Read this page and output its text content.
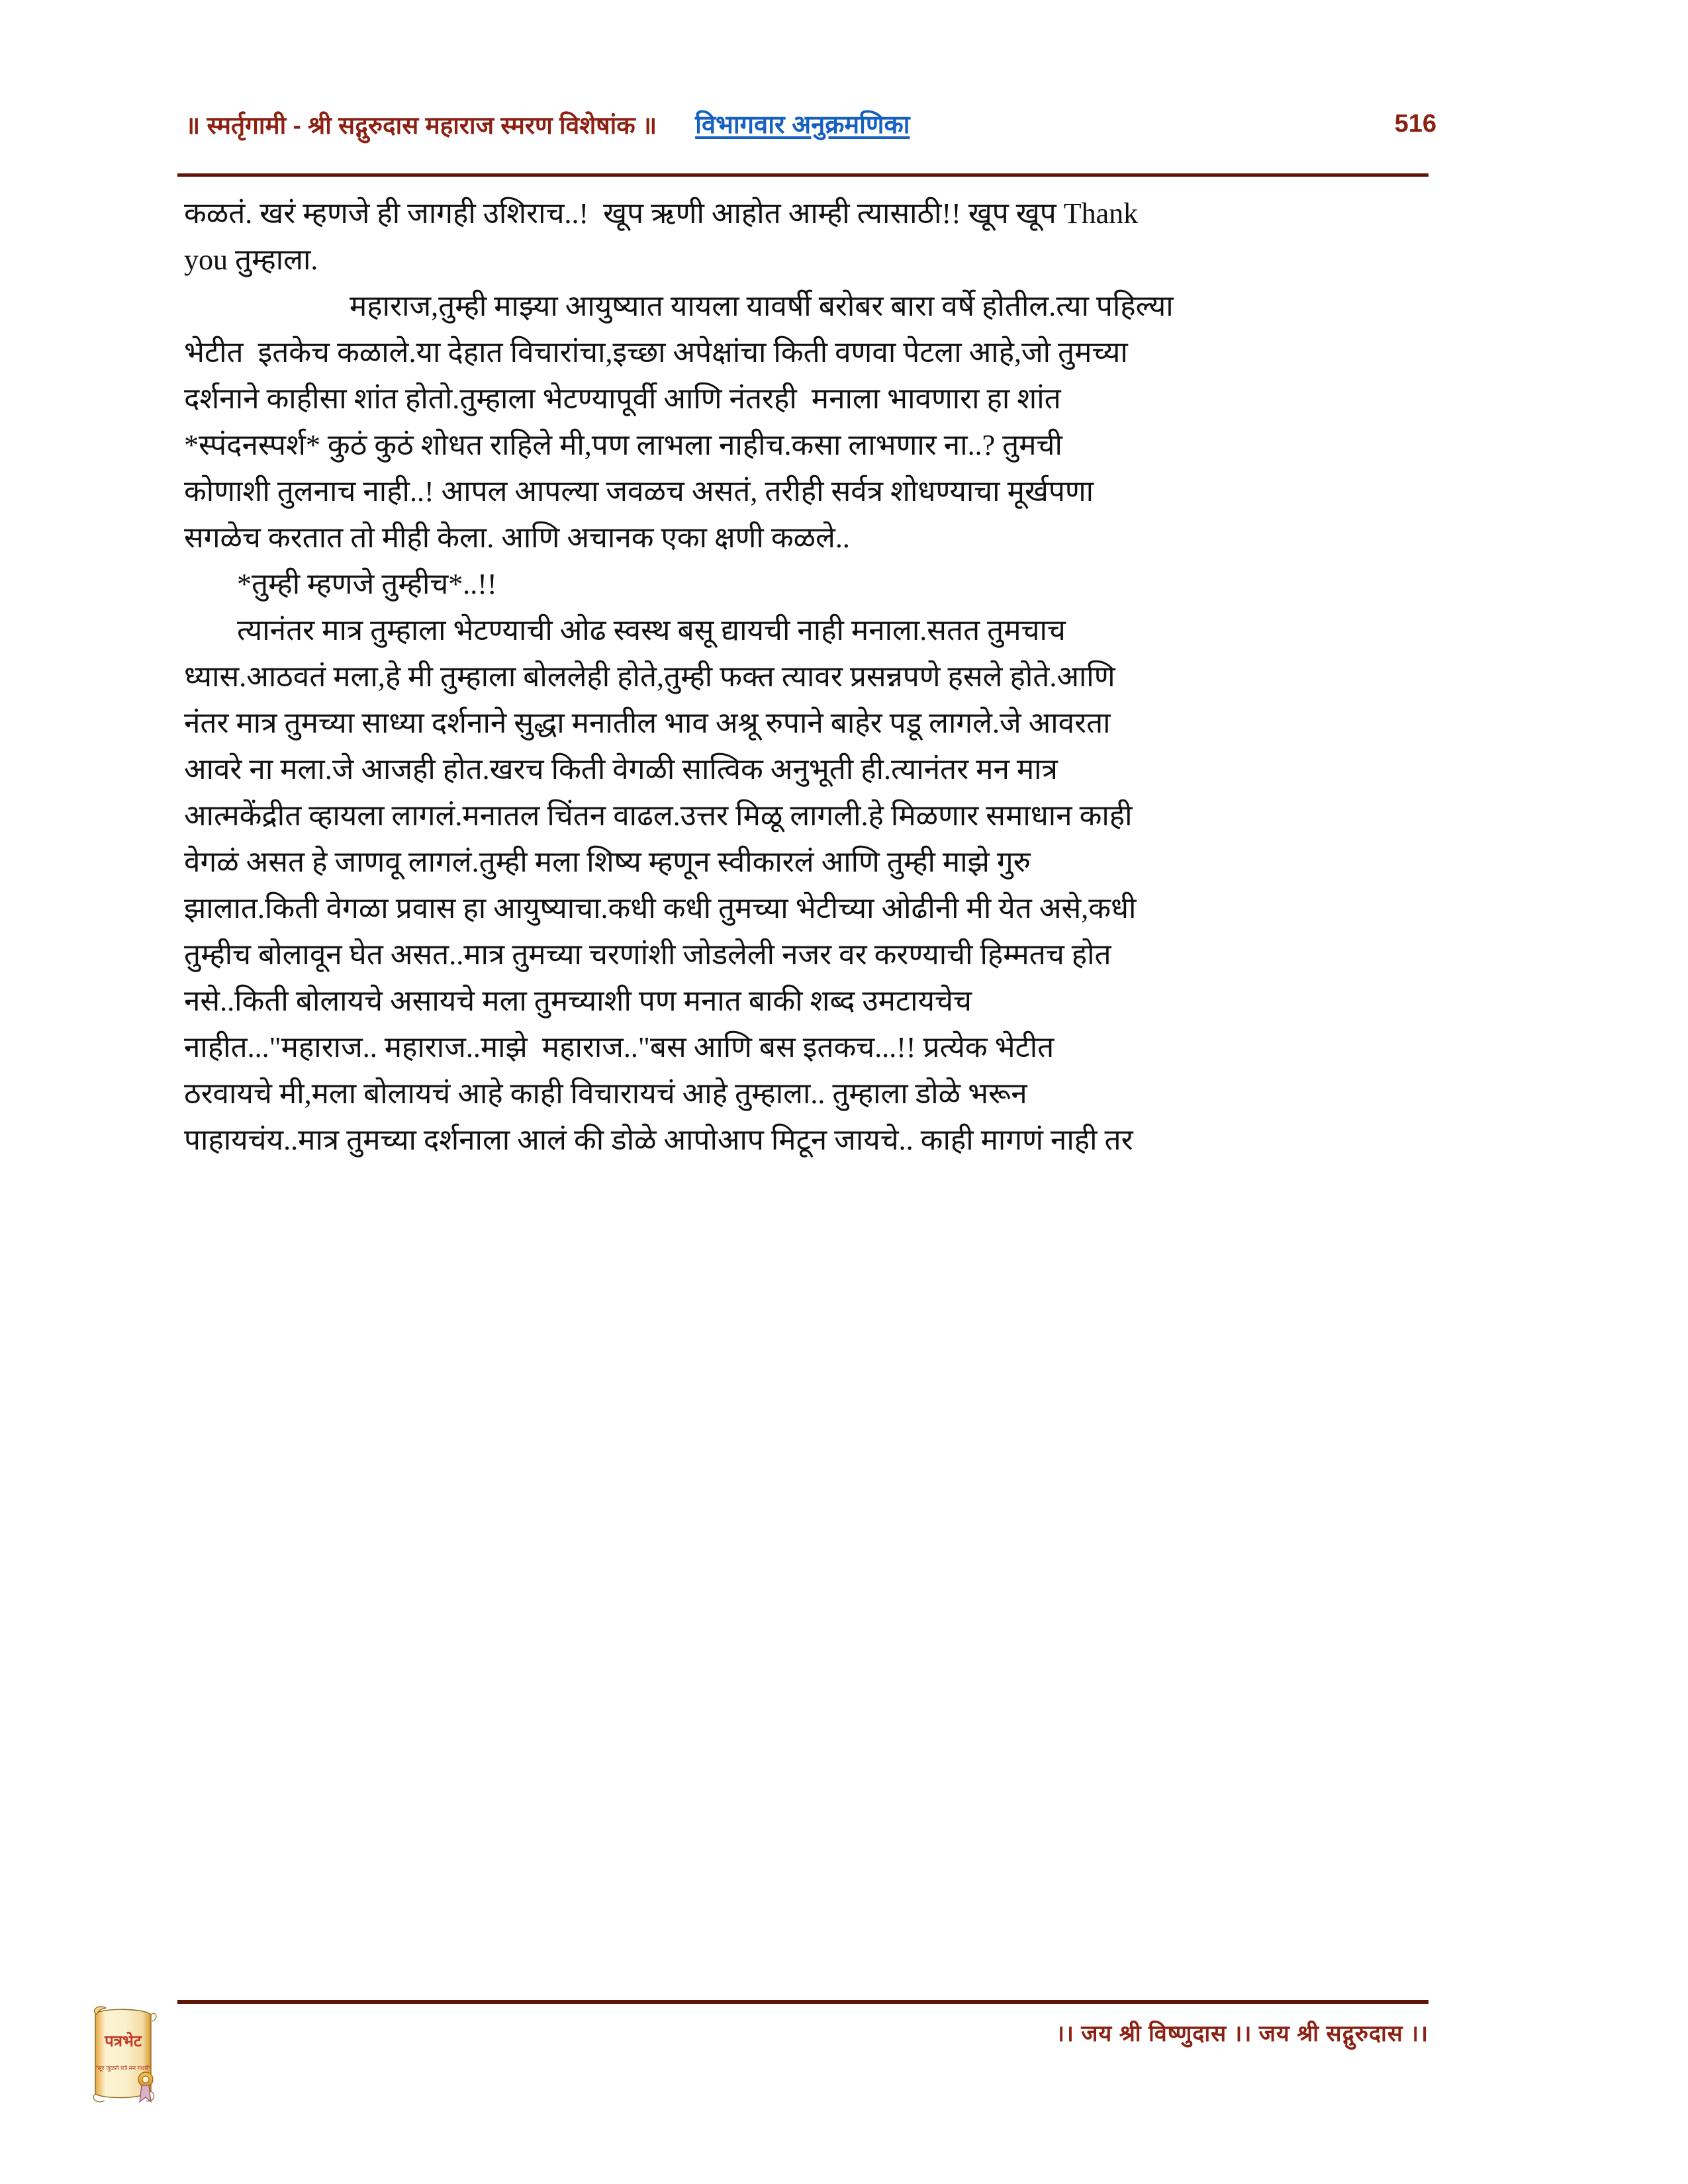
॥ स्मर्तृगामी - श्री सद्गुरुदास महाराज स्मरण विशेषांक ॥ विभागवार अनुक्रमणिका	516
कळतं. खरं म्हणजे ही जागही उशिराच..!  खूप ऋणी आहोत आम्ही त्यासाठी!! खूप खूप Thank
you तुम्हाला.
महाराज,तुम्ही माझ्या आयुष्यात यायला यावर्षी बरोबर बारा वर्षे होतील.त्या पहिल्या
भेटीत  इतकेच कळाले.या देहात विचारांचा,इच्छा अपेक्षांचा किती वणवा पेटला आहे,जो तुमच्या
दर्शनाने काहीसा शांत होतो.तुम्हाला भेटण्यापूर्वी आणि नंतरही  मनाला भावणारा हा शांत
*स्पंदनस्पर्श* कुठं कुठं शोधत राहिले मी,पण लाभला नाहीच.कसा लाभणार ना..? तुमची
कोणाशी तुलनाच नाही..! आपल आपल्या जवळच असतं, तरीही सर्वत्र शोधण्याचा मूर्खपणा
सगळेच करतात तो मीही केला. आणि अचानक एका क्षणी कळले..
*तुम्ही म्हणजे तुम्हीच*..!!
त्यानंतर मात्र तुम्हाला भेटण्याची ओढ स्वस्थ बसू द्यायची नाही मनाला.सतत तुमचाच
ध्यास.आठवतं मला,हे मी तुम्हाला बोललेही होते,तुम्ही फक्त त्यावर प्रसन्नपणे हसले होते.आणि
नंतर मात्र तुमच्या साध्या दर्शनाने सुद्धा मनातील भाव अश्रू रुपाने बाहेर पडू लागले.जे आवरता
आवरे ना मला.जे आजही होत.खरच किती वेगळी सात्विक अनुभूती ही.त्यानंतर मन मात्र
आत्मकेंद्रीत व्हायला लागलं.मनातल चिंतन वाढल.उत्तर मिळू लागली.हे मिळणार समाधान काही
वेगळं असत हे जाणवू लागलं.तुम्ही मला शिष्य म्हणून स्वीकारलं आणि तुम्ही माझे गुरु
झालात.किती वेगळा प्रवास हा आयुष्याचा.कधी कधी तुमच्या भेटीच्या ओढीनी मी येत असे,कधी
तुम्हीच बोलावून घेत असत..मात्र तुमच्या चरणांशी जोडलेली नजर वर करण्याची हिम्मतच होत
नसे..किती बोलायचे असायचे मला तुमच्याशी पण मनात बाकी शब्द उमटायचेच
नाहीत..."महाराज.. महाराज..माझे  महाराज.."बस आणि बस इतकच...!! प्रत्येक भेटीत
ठरवायचे मी,मला बोलायचं आहे काही विचारायचं आहे तुम्हाला.. तुम्हाला डोळे भरून
पाहायचंय..मात्र तुमच्या दर्शनाला आलं की डोळे आपोआप मिटून जायचे.. काही मागणं नाही तर
।। जय श्री विष्णुदास ।। जय श्री सद्गुरुदास ।।
पत्रभेट
"सूर जुळले पत्रे मन गंधारे"
